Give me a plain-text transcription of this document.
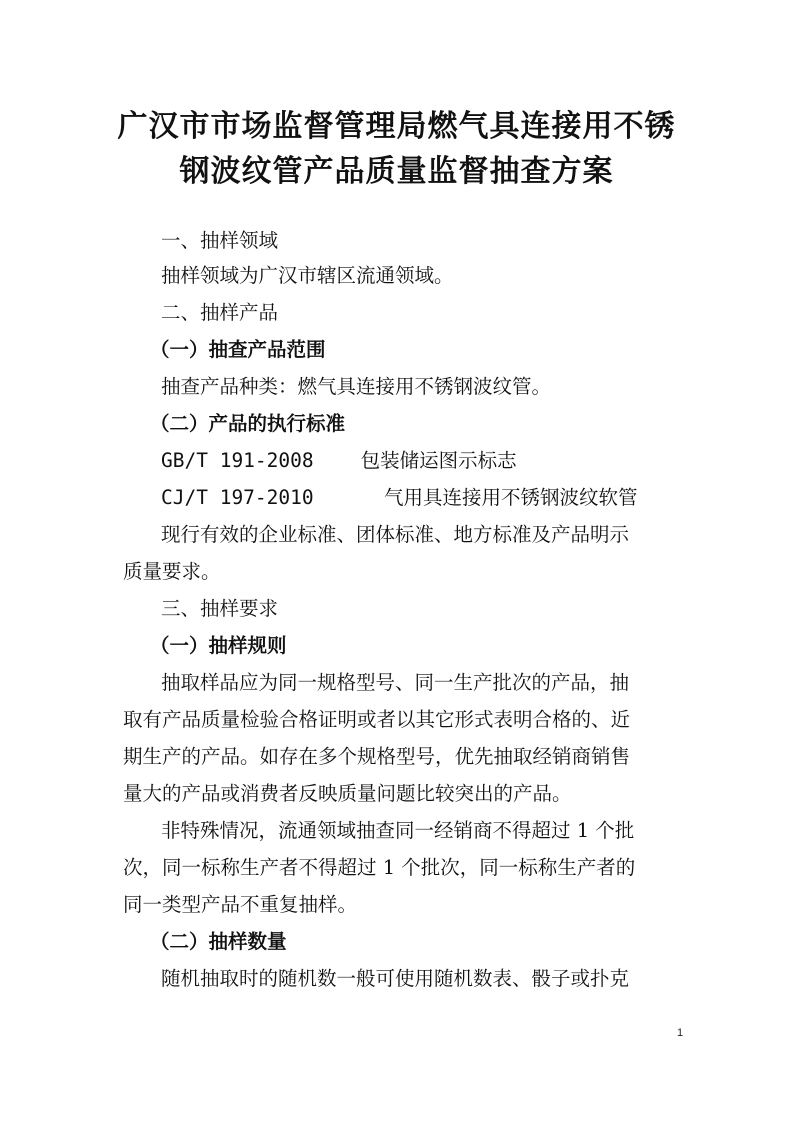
广汉市市场监督管理局燃气具连接用不锈
钢波纹管产品质量监督抽查方案
一、抽样领域
抽样领域为广汉市辖区流通领域。
二、抽样产品
（一）抽查产品范围
抽查产品种类：燃气具连接用不锈钢波纹管。
（二）产品的执行标准
GB/T 191-2008    包装储运图示标志
CJ/T 197-2010      气用具连接用不锈钢波纹软管
现行有效的企业标准、团体标准、地方标准及产品明示
质量要求。
三、抽样要求
（一）抽样规则
抽取样品应为同一规格型号、同一生产批次的产品，抽
取有产品质量检验合格证明或者以其它形式表明合格的、近
期生产的产品。如存在多个规格型号，优先抽取经销商销售
量大的产品或消费者反映质量问题比较突出的产品。
非特殊情况，流通领域抽查同一经销商不得超过 1 个批
次，同一标称生产者不得超过 1 个批次，同一标称生产者的
同一类型产品不重复抽样。
（二）抽样数量
随机抽取时的随机数一般可使用随机数表、骰子或扑克
1
